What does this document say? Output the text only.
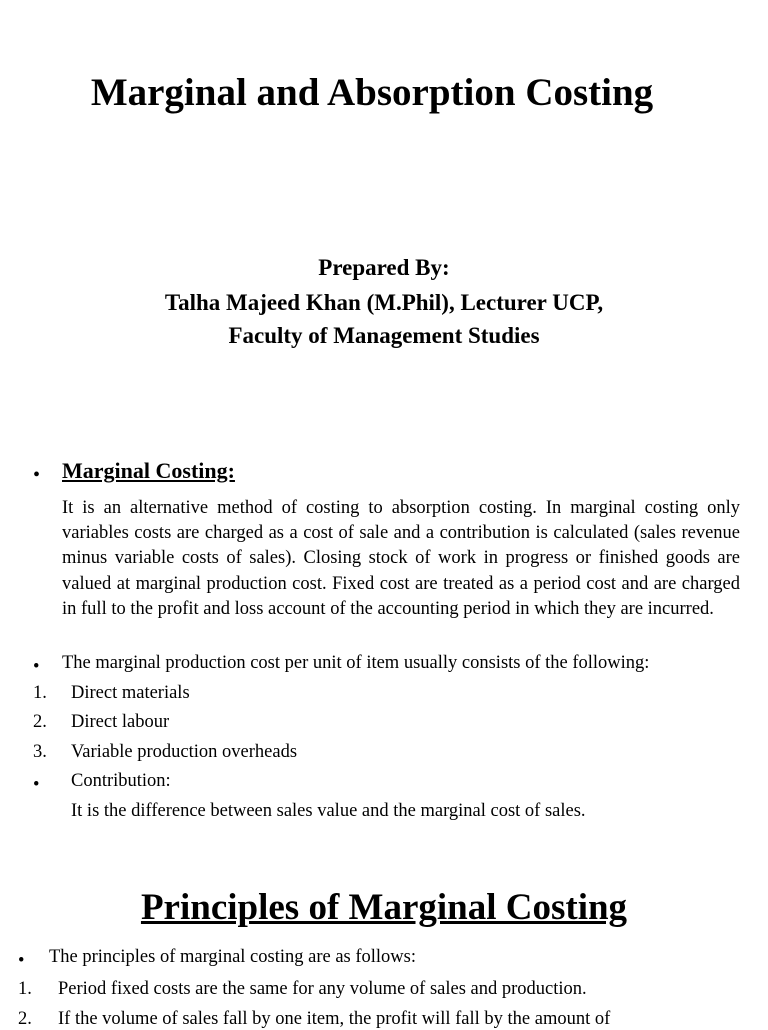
Marginal and Absorption Costing
Prepared By:
Talha Majeed Khan (M.Phil), Lecturer UCP,
Faculty of Management Studies
• Marginal Costing:
It is an alternative method of costing to absorption costing. In marginal costing only variables costs are charged as a cost of sale and a contribution is calculated (sales revenue minus variable costs of sales). Closing stock of work in progress or finished goods are valued at marginal production cost. Fixed cost are treated as a period cost and are charged in full to the profit and loss account of the accounting period in which they are incurred.
• The marginal production cost per unit of item usually consists of the following:
1. Direct materials
2. Direct labour
3. Variable production overheads
• Contribution:
It is the difference between sales value and the marginal cost of sales.
Principles of Marginal Costing
• The principles of marginal costing are as follows:
1. Period fixed costs are the same for any volume of sales and production.
2. If the volume of sales fall by one item, the profit will fall by the amount of
